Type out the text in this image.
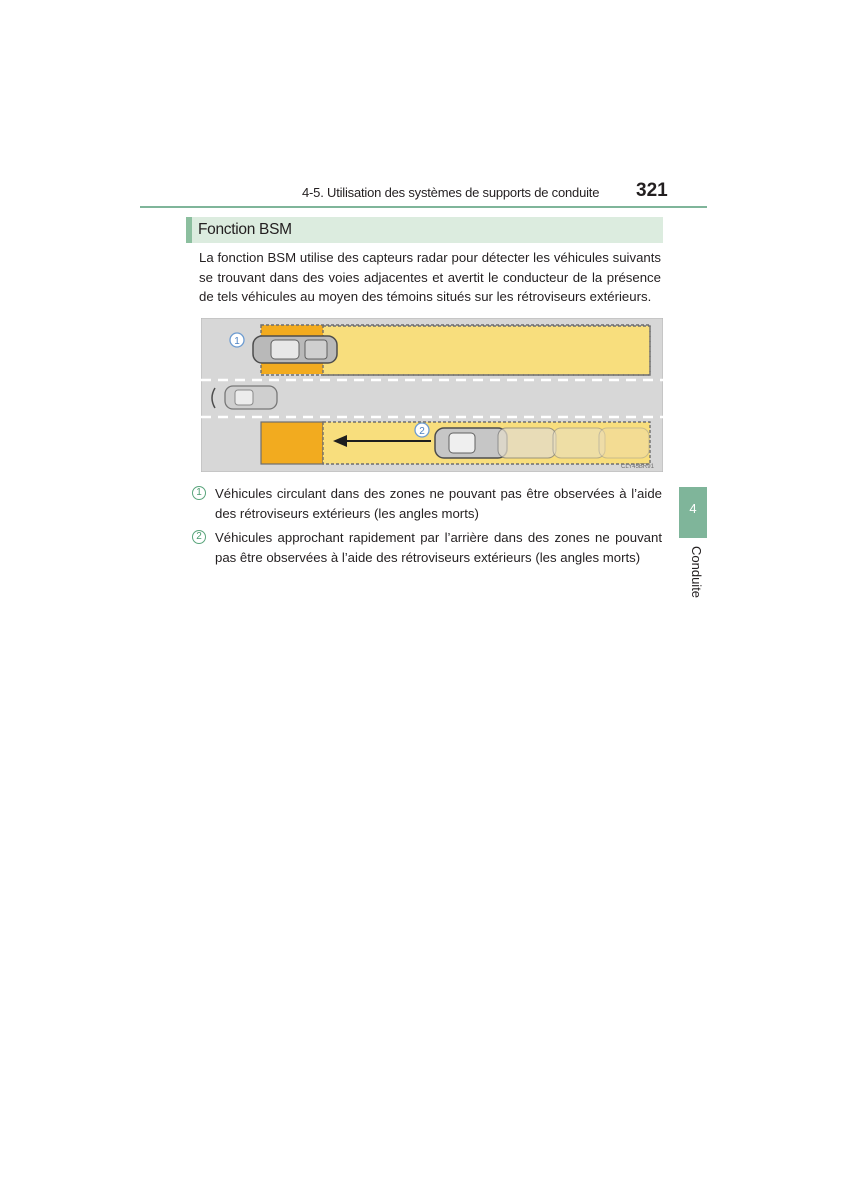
4-5. Utilisation des systèmes de supports de conduite 321
Fonction BSM
La fonction BSM utilise des capteurs radar pour détecter les véhicules suivants se trouvant dans des voies adjacentes et avertit le conducteur de la présence de tels véhicules au moyen des témoins situés sur les rétroviseurs extérieurs.
1
2
CLY45BR91
1	Véhicules circulant dans des zones ne pouvant pas être observées à l’aide des rétroviseurs extérieurs (les angles morts)
2	Véhicules approchant rapidement par l’arrière dans des zones ne pouvant pas être observées à l’aide des rétroviseurs extérieurs (les angles morts)
4
Conduite
